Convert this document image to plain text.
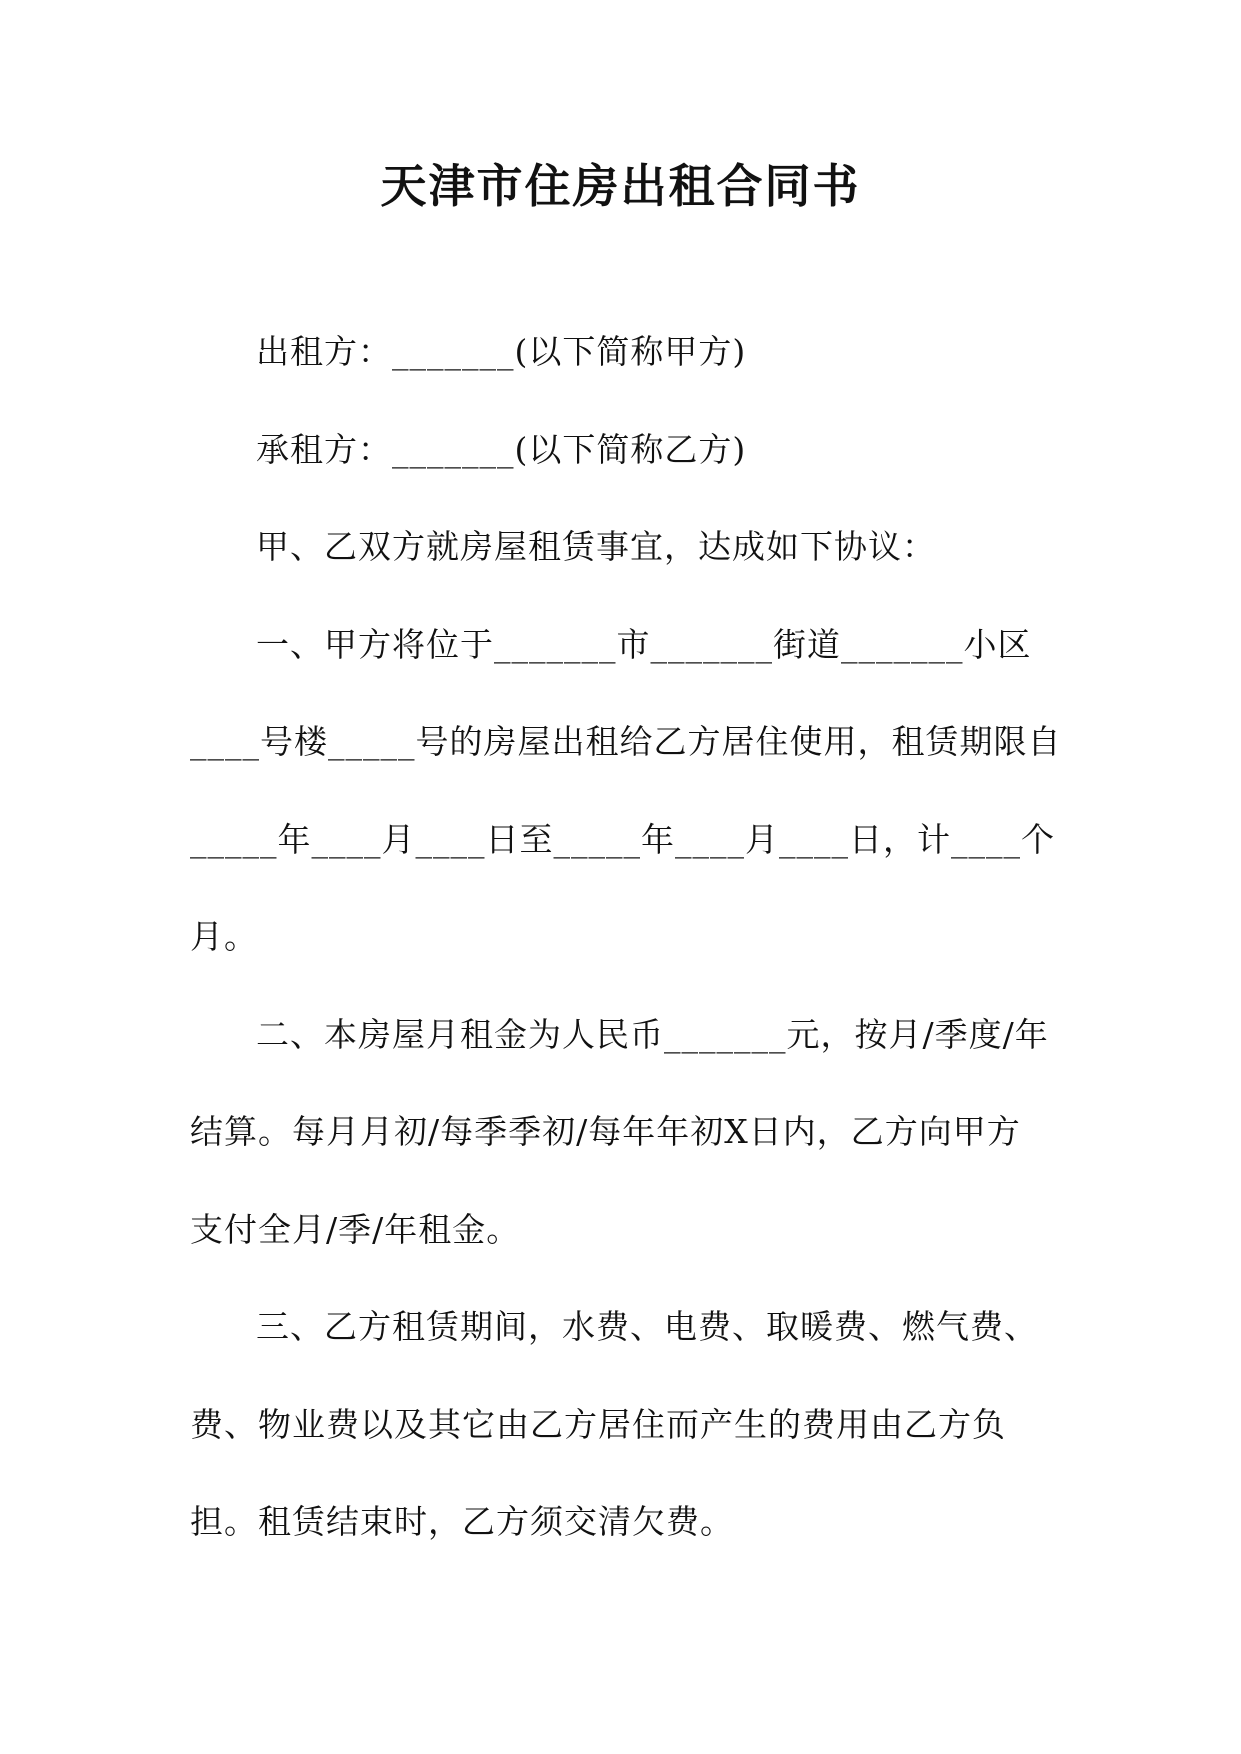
天津市住房出租合同书

出租方：_______(以下简称甲方)

承租方：_______(以下简称乙方)

甲、乙双方就房屋租赁事宜，达成如下协议：

一、甲方将位于_______市_______街道_______小区
____号楼_____号的房屋出租给乙方居住使用，租赁期限自
_____年____月____日至_____年____月____日，计____个
月。

二、本房屋月租金为人民币_______元，按月/季度/年
结算。每月月初/每季季初/每年年初X日内，乙方向甲方
支付全月/季/年租金。

三、乙方租赁期间，水费、电费、取暖费、燃气费、
费、物业费以及其它由乙方居住而产生的费用由乙方负
担。租赁结束时，乙方须交清欠费。
